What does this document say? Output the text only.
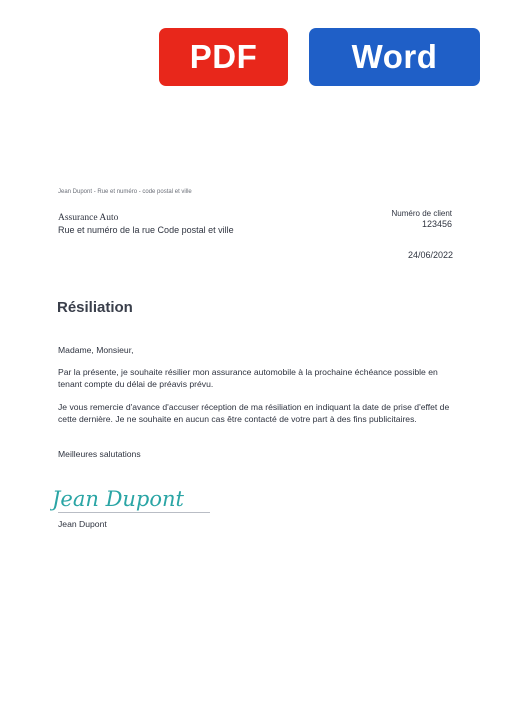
PDF	Word
Jean Dupont - Rue et numéro - code postal et ville
Assurance Auto
Rue et numéro de la rue Code postal et ville
Numéro de client
123456
24/06/2022
Résiliation
Madame, Monsieur,
Par la présente, je souhaite résilier mon assurance automobile à la prochaine échéance possible en tenant compte du délai de préavis prévu.
Je vous remercie d'avance d'accuser réception de ma résiliation en indiquant la date de prise d'effet de cette dernière. Je ne souhaite en aucun cas être contacté de votre part à des fins publicitaires.
Meilleures salutations
Jean Dupont
Jean Dupont
